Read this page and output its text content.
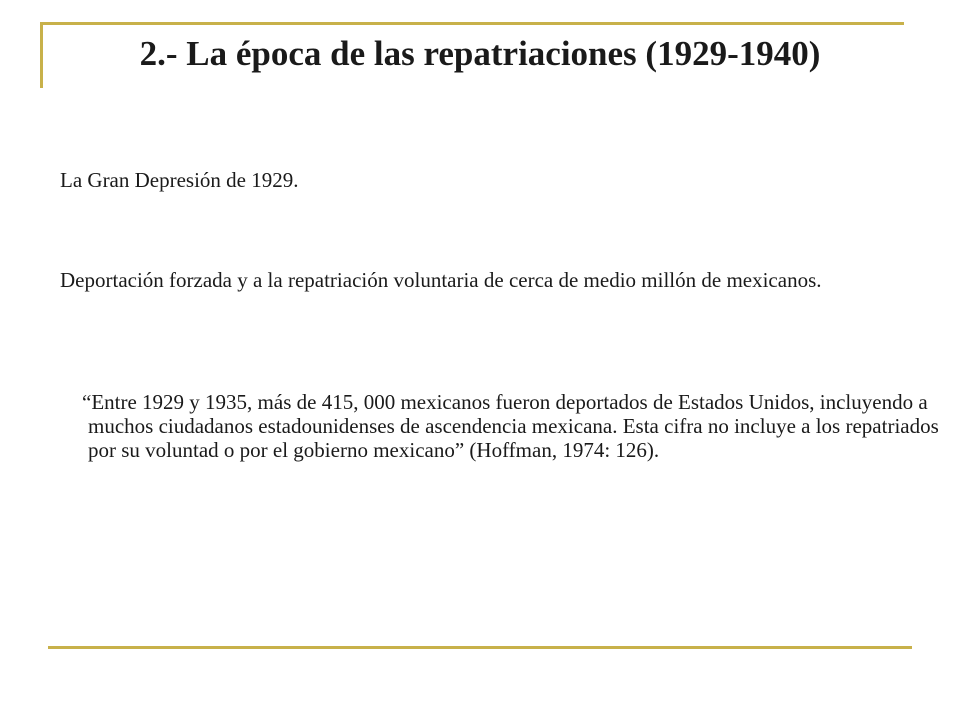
2.- La época de las repatriaciones (1929-1940)

La Gran Depresión de 1929.

Deportación forzada y a la repatriación voluntaria de cerca de medio millón de mexicanos.

“Entre 1929 y 1935, más de 415, 000 mexicanos fueron deportados de Estados Unidos, incluyendo a muchos ciudadanos estadounidenses de ascendencia mexicana. Esta cifra no incluye a los repatriados por su voluntad o por el gobierno mexicano” (Hoffman, 1974: 126).
